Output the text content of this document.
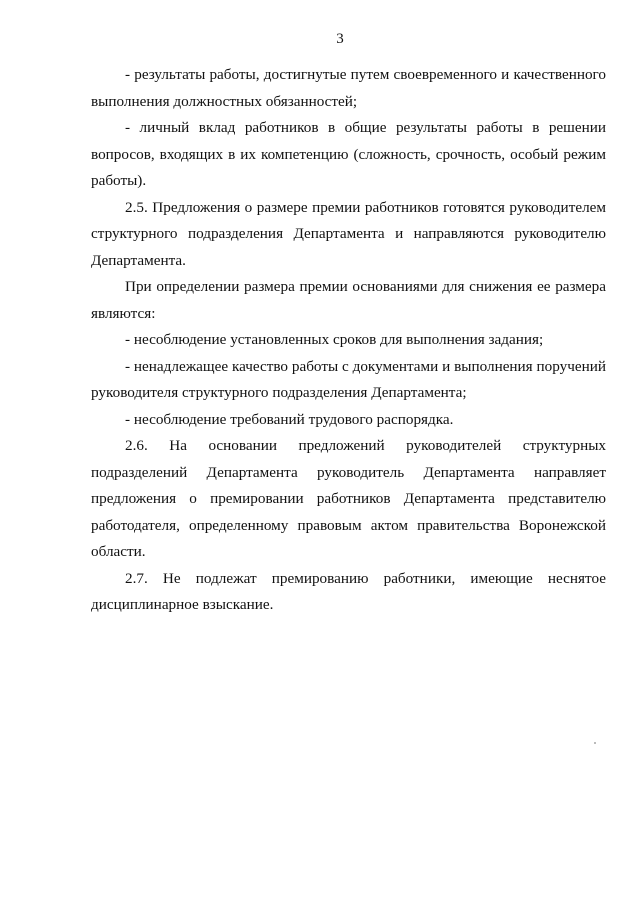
3

- результаты работы, достигнутые путем своевременного и качественного выполнения должностных обязанностей;

- личный вклад работников в общие результаты работы в решении вопросов, входящих в их компетенцию (сложность, срочность, особый режим работы).

2.5. Предложения о размере премии работников готовятся руководителем структурного подразделения Департамента и направляются руководителю Департамента.

При определении размера премии основаниями для снижения ее размера являются:

- несоблюдение установленных сроков для выполнения задания;

- ненадлежащее качество работы с документами и выполнения поручений руководителя структурного подразделения Департамента;

- несоблюдение требований трудового распорядка.

2.6. На основании предложений руководителей структурных подразделений Департамента руководитель Департамента направляет предложения о премировании работников Департамента представителю работодателя, определенному правовым актом правительства Воронежской области.

2.7. Не подлежат премированию работники, имеющие неснятое дисциплинарное взыскание.
